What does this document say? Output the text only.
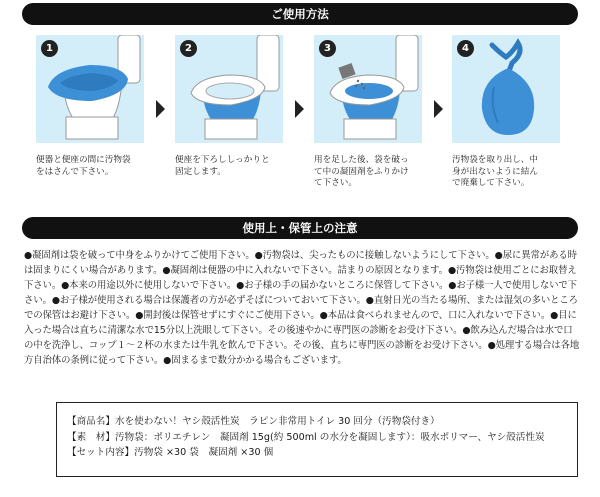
ご使用方法
1
便器と便座の間に汚物袋
をはさんで下さい。
2
便座を下ろししっかりと
固定します。
3
用を足した後、袋を破っ
て中の凝固剤をふりかけ
て下さい。
4
汚物袋を取り出し、中
身が出ないように結ん
で廃棄して下さい。
使用上・保管上の注意
●凝固剤は袋を破って中身をふりかけてご使用下さい。●汚物袋は、尖ったものに接触しないようにして下さい。●尿に異常がある時は固まりにくい場合があります。●凝固剤は便器の中に入れないで下さい。詰まりの原因となります。●汚物袋は使用ごとにお取替え下さい。●本来の用途以外に使用しないで下さい。●お子様の手の届かないところに保管して下さい。●お子様一人で使用しないで下さい。●お子様が使用される場合は保護者の方が必ずそばについておいて下さい。●直射日光の当たる場所、または湿気の多いところでの保管はお避け下さい。●開封後は保管せずにすぐにご使用下さい。●本品は食べられませんので、口に入れないで下さい。●目に入った場合は直ちに清潔な水で15分以上洗眼して下さい。その後速やかに専門医の診断をお受け下さい。●飲み込んだ場合は水で口の中を洗浄し、コップ１～２杯の水または牛乳を飲んで下さい。その後、直ちに専門医の診断をお受け下さい。●処理する場合は各地方自治体の条例に従って下さい。●固まるまで数分かかる場合もございます。
【商品名】水を使わない！ヤシ殻活性炭　ラピン非常用トイレ 30 回分（汚物袋付き）
【素　材】汚物袋：ポリエチレン　凝固剤 15g(約 500ml の水分を凝固します）：吸水ポリマー、ヤシ殻活性炭
【セット内容】汚物袋 ×30 袋　凝固剤 ×30 個
